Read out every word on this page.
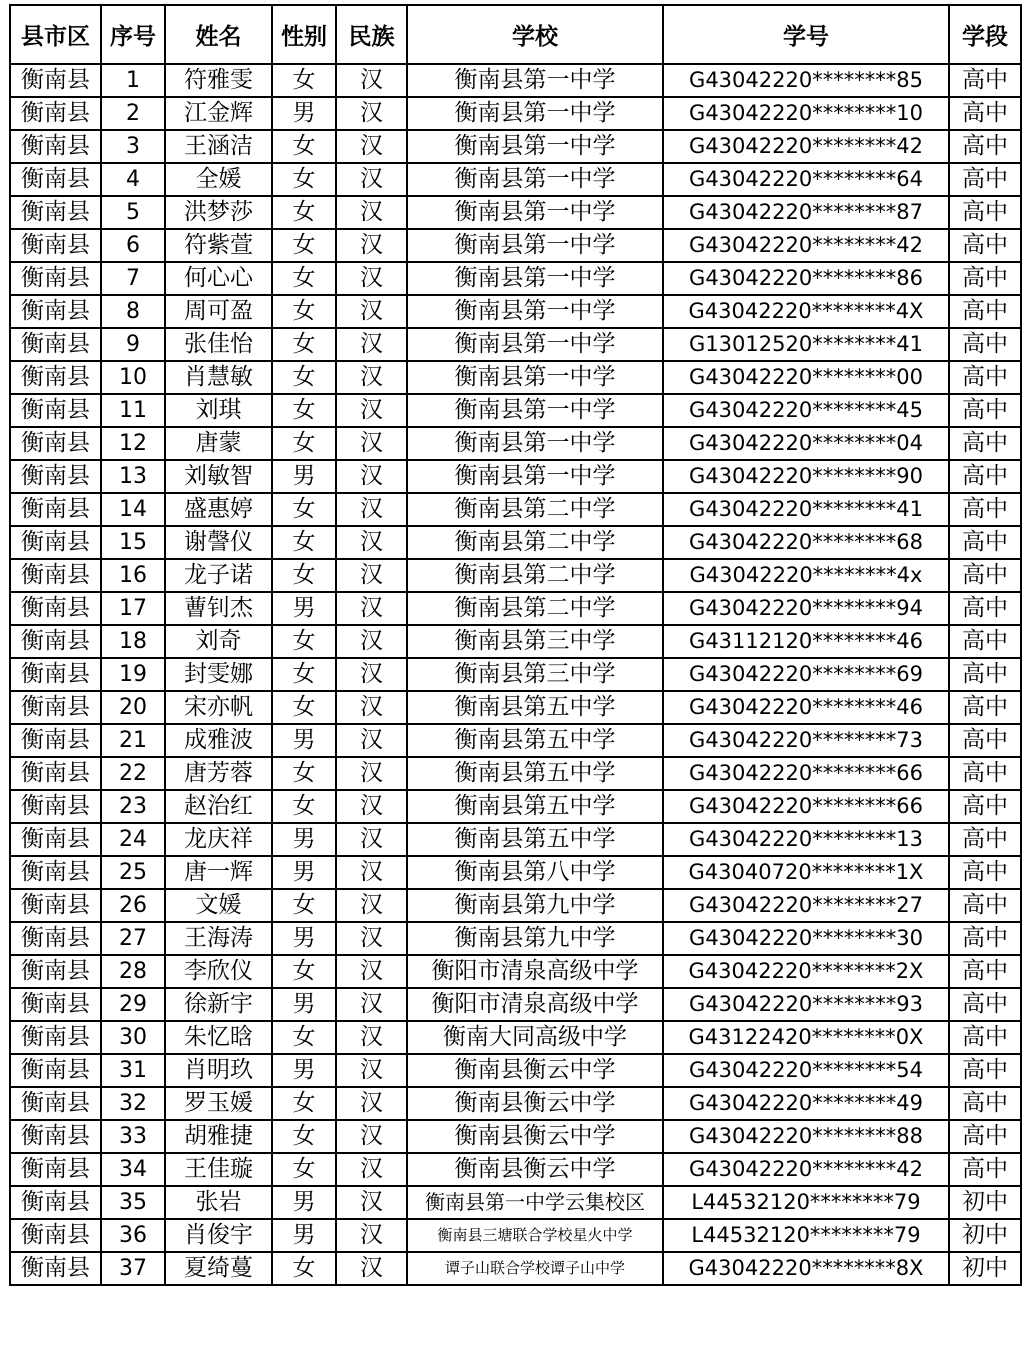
县市区	序号	姓名	性别	民族	学校	学号	学段
衡南县	1	符雅雯	女	汉	衡南县第一中学	G43042220********85	高中
衡南县	2	江金辉	男	汉	衡南县第一中学	G43042220********10	高中
衡南县	3	王涵洁	女	汉	衡南县第一中学	G43042220********42	高中
衡南县	4	全媛	女	汉	衡南县第一中学	G43042220********64	高中
衡南县	5	洪梦莎	女	汉	衡南县第一中学	G43042220********87	高中
衡南县	6	符紫萱	女	汉	衡南县第一中学	G43042220********42	高中
衡南县	7	何心心	女	汉	衡南县第一中学	G43042220********86	高中
衡南县	8	周可盈	女	汉	衡南县第一中学	G43042220********4X	高中
衡南县	9	张佳怡	女	汉	衡南县第一中学	G13012520********41	高中
衡南县	10	肖慧敏	女	汉	衡南县第一中学	G43042220********00	高中
衡南县	11	刘琪	女	汉	衡南县第一中学	G43042220********45	高中
衡南县	12	唐蒙	女	汉	衡南县第一中学	G43042220********04	高中
衡南县	13	刘敏智	男	汉	衡南县第一中学	G43042220********90	高中
衡南县	14	盛惠婷	女	汉	衡南县第二中学	G43042220********41	高中
衡南县	15	谢謦仪	女	汉	衡南县第二中学	G43042220********68	高中
衡南县	16	龙子诺	女	汉	衡南县第二中学	G43042220********4x	高中
衡南县	17	蓸钊杰	男	汉	衡南县第二中学	G43042220********94	高中
衡南县	18	刘奇	女	汉	衡南县第三中学	G43112120********46	高中
衡南县	19	封雯娜	女	汉	衡南县第三中学	G43042220********69	高中
衡南县	20	宋亦帆	女	汉	衡南县第五中学	G43042220********46	高中
衡南县	21	成雅波	男	汉	衡南县第五中学	G43042220********73	高中
衡南县	22	唐芳蓉	女	汉	衡南县第五中学	G43042220********66	高中
衡南县	23	赵治红	女	汉	衡南县第五中学	G43042220********66	高中
衡南县	24	龙庆祥	男	汉	衡南县第五中学	G43042220********13	高中
衡南县	25	唐一辉	男	汉	衡南县第八中学	G43040720********1X	高中
衡南县	26	文媛	女	汉	衡南县第九中学	G43042220********27	高中
衡南县	27	王海涛	男	汉	衡南县第九中学	G43042220********30	高中
衡南县	28	李欣仪	女	汉	衡阳市清泉高级中学	G43042220********2X	高中
衡南县	29	徐新宇	男	汉	衡阳市清泉高级中学	G43042220********93	高中
衡南县	30	朱忆晗	女	汉	衡南大同高级中学	G43122420********0X	高中
衡南县	31	肖明玖	男	汉	衡南县衡云中学	G43042220********54	高中
衡南县	32	罗玉媛	女	汉	衡南县衡云中学	G43042220********49	高中
衡南县	33	胡雅捷	女	汉	衡南县衡云中学	G43042220********88	高中
衡南县	34	王佳璇	女	汉	衡南县衡云中学	G43042220********42	高中
衡南县	35	张岩	男	汉	衡南县第一中学云集校区	L44532120********79	初中
衡南县	36	肖俊宇	男	汉	衡南县三塘联合学校星火中学	L44532120********79	初中
衡南县	37	夏绮蔓	女	汉	谭子山联合学校谭子山中学	G43042220********8X	初中
